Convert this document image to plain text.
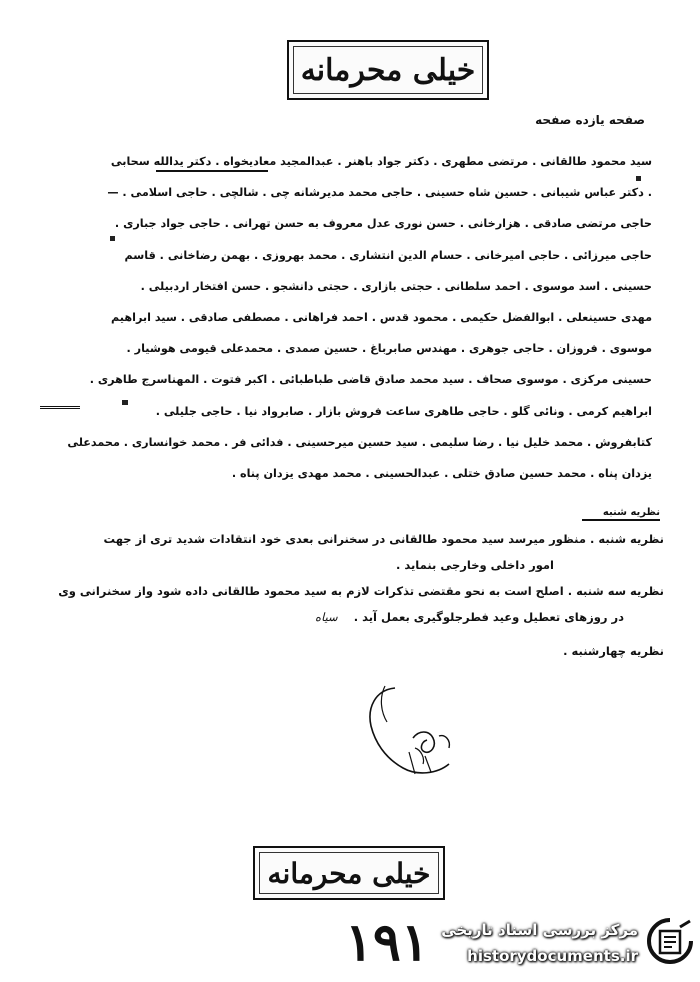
خیلی محرمانه
صفحه یازده صفحه
سید محمود طالقانی . مرتضی مطهری . دکتر جواد باهنر . عبدالمجید معادیخواه . دکتر یدالله سحابی
. دکتر عباس شیبانی . حسین شاه حسینی . حاجی محمد مدیرشانه چی . شالچی . حاجی اسلامی . —
حاجی مرتضی صادقی . هزارخانی . حسن نوری عدل معروف به حسن تهرانی . حاجی جواد جباری .
حاجی میرزائی . حاجی امیرخانی . حسام الدین انتشاری . محمد بهروزی . بهمن رضاخانی . قاسم
حسینی . اسد موسوی . احمد سلطانی . حجتی بازاری . حجتی دانشجو . حسن افتخار اردبیلی .
مهدی حسینعلی . ابوالفضل حکیمی . محمود قدس . احمد فراهانی . مصطفی صادقی . سید ابراهیم
موسوی . فروزان . حاجی جوهری . مهندس صابرباغ . حسین صمدی . محمدعلی قیومی هوشیار .
حسینی مرکزی . موسوی صحاف . سید محمد صادق قاضی طباطبائی . اکبر فتوت . المهناسرج طاهری .
ابراهیم کرمی . ونائی گلو . حاجی طاهری ساعت فروش بازار . صابرواد نیا . حاجی جلیلی .
کتابفروش . محمد خلیل نیا . رضا سلیمی . سید حسین میرحسینی . فدائی فر . محمد خوانساری . محمدعلی
یزدان پناه . محمد حسین صادق ختلی . عبدالحسینی . محمد مهدی یزدان پناه .
نظریه شنبه
نظریه شنبه . منظور میرسد سید محمود طالقانی در سخنرانی بعدی خود انتقادات شدید تری از جهت
امور داخلی وخارجی بنماید .
نظریه سه شنبه . اصلح است به نحو مقتضی تذکرات لازم به سید محمود طالقانی داده شود واز سخنرانی وی
در روزهای تعطیل وعید فطرجلوگیری بعمل آید .    سیاه
نظریه چهارشنبه .
خیلی محرمانه
۱۹۱ مرکز بررسی اسناد تاریخی
historydocuments.ir
